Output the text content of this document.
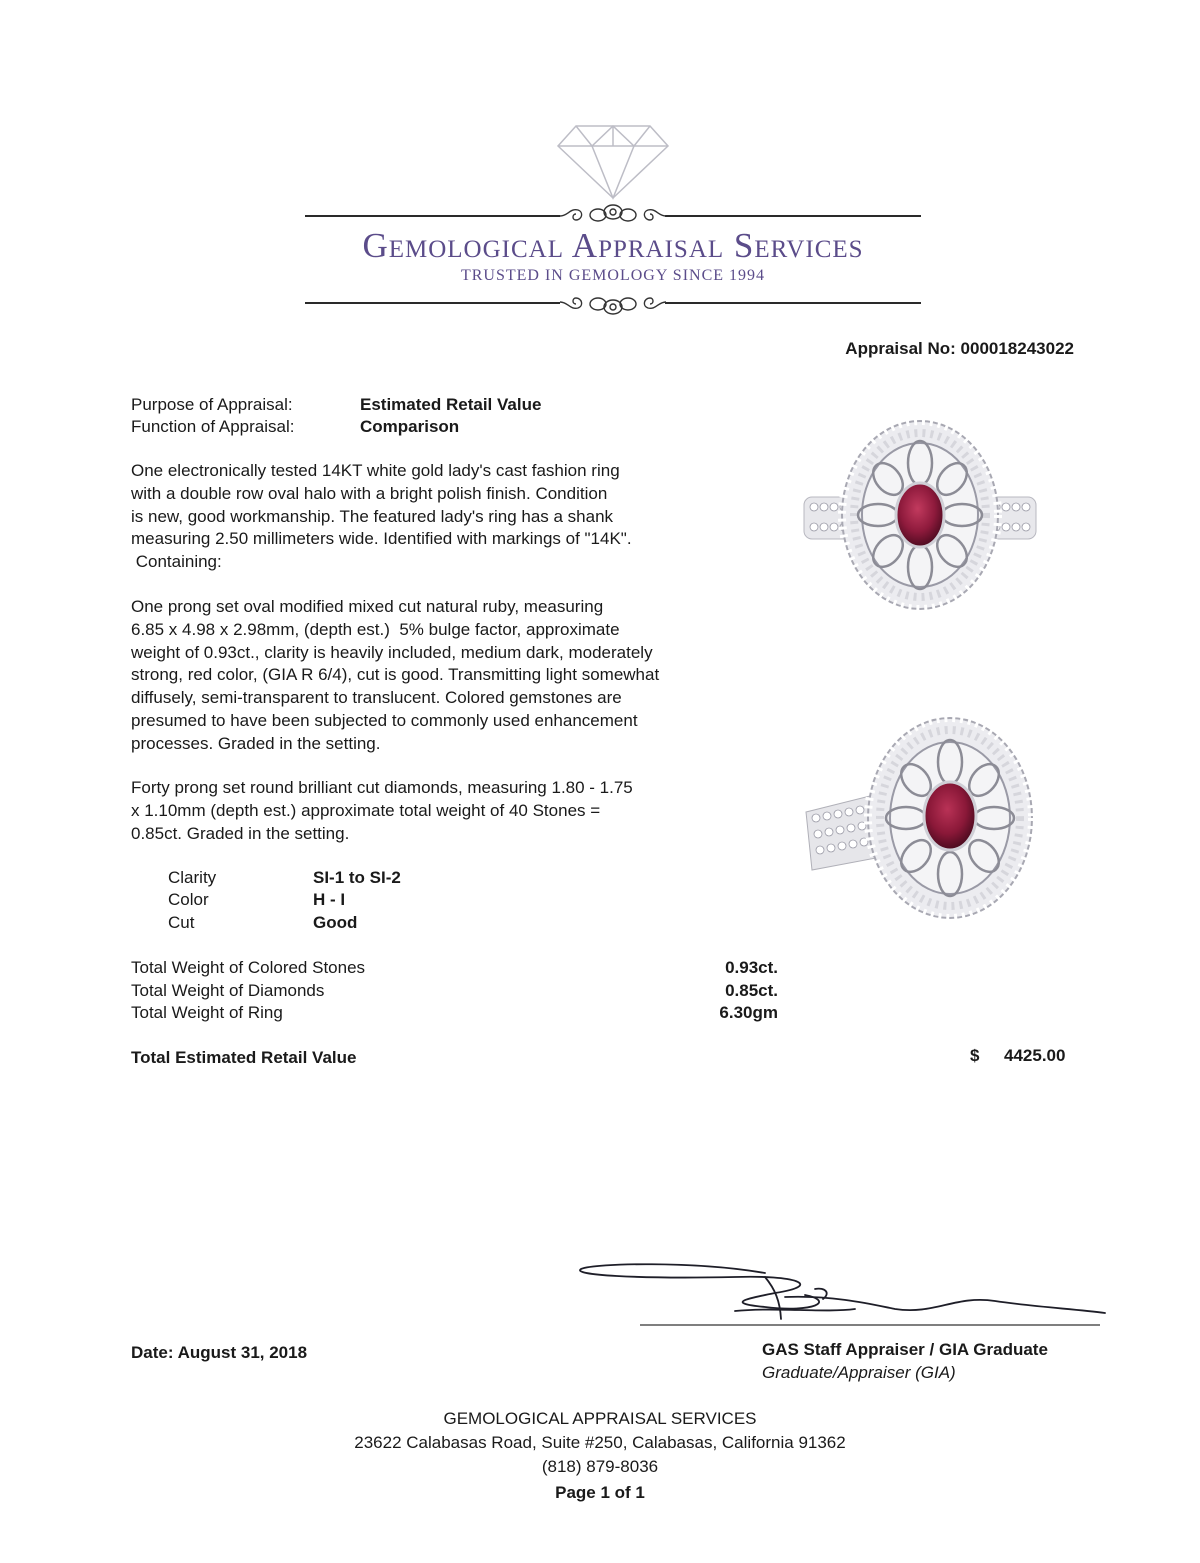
Gemological Appraisal Services
TRUSTED IN GEMOLOGY SINCE 1994
Appraisal No: 000018243022
Purpose of Appraisal:	Estimated Retail Value
Function of Appraisal:	Comparison
One electronically tested 14KT white gold lady's cast fashion ring
with a double row oval halo with a bright polish finish. Condition
is new, good workmanship. The featured lady's ring has a shank
measuring 2.50 millimeters wide. Identified with markings of "14K".
Containing:
One prong set oval modified mixed cut natural ruby, measuring
6.85 x 4.98 x 2.98mm, (depth est.)  5% bulge factor, approximate
weight of 0.93ct., clarity is heavily included, medium dark, moderately
strong, red color, (GIA R 6/4), cut is good. Transmitting light somewhat
diffusely, semi-transparent to translucent. Colored gemstones are
presumed to have been subjected to commonly used enhancement
processes. Graded in the setting.
Forty prong set round brilliant cut diamonds, measuring 1.80 - 1.75
x 1.10mm (depth est.) approximate total weight of 40 Stones =
0.85ct. Graded in the setting.
Clarity	SI-1 to SI-2
Color	H - I
Cut	Good
Total Weight of Colored Stones	0.93ct.
Total Weight of Diamonds	0.85ct.
Total Weight of Ring	6.30gm
Total Estimated Retail Value	$ 4425.00
Date: August 31, 2018	GAS Staff Appraiser / GIA Graduate
Graduate/Appraiser (GIA)
GEMOLOGICAL APPRAISAL SERVICES
23622 Calabasas Road, Suite #250, Calabasas, California 91362
(818) 879-8036
Page 1 of 1
